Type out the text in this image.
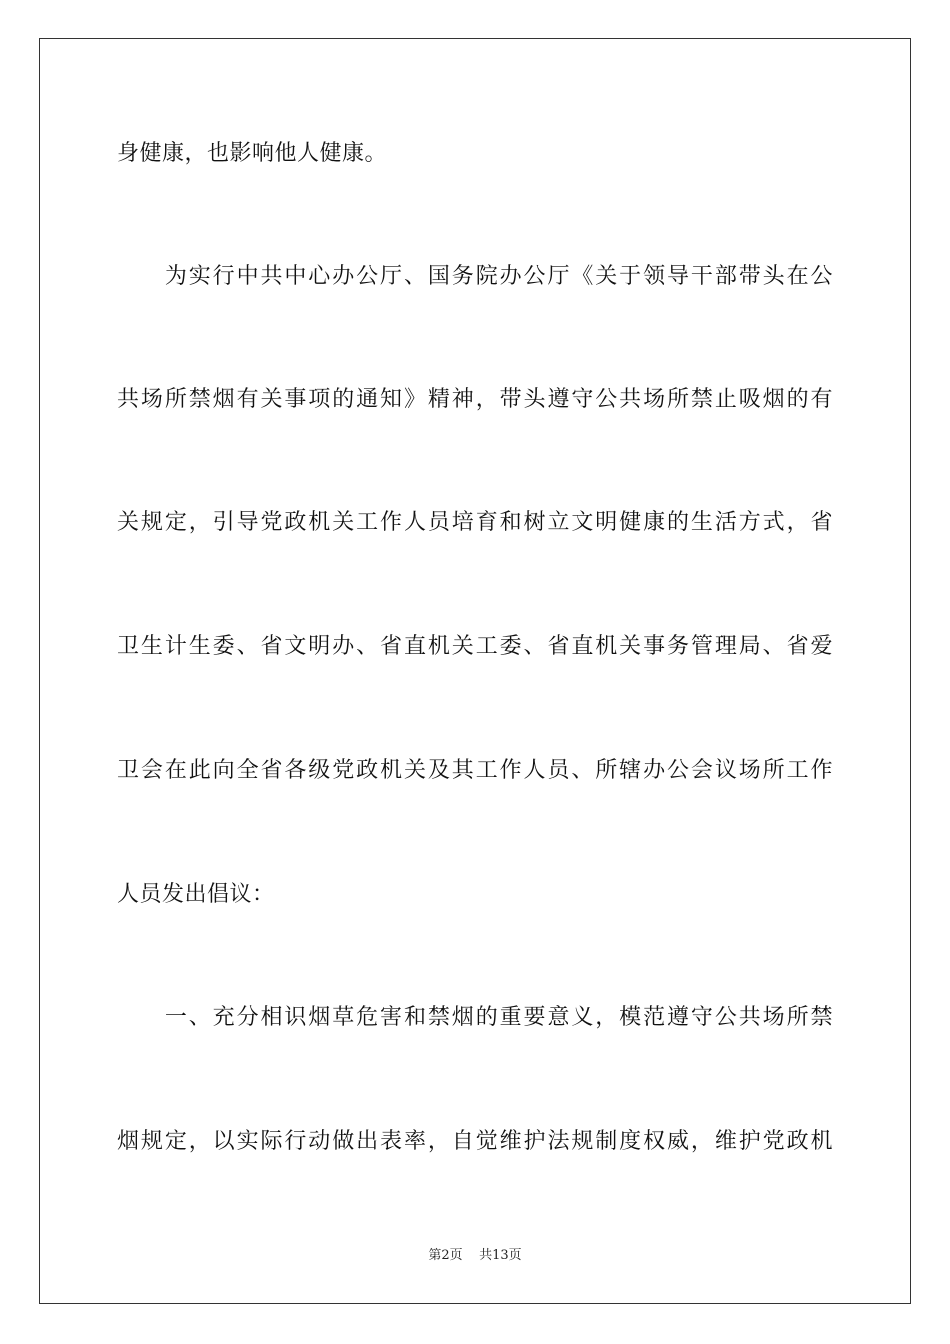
身健康，也影响他人健康。
　　为实行中共中心办公厅、国务院办公厅《关于领导干部带头在公
共场所禁烟有关事项的通知》精神，带头遵守公共场所禁止吸烟的有
关规定，引导党政机关工作人员培育和树立文明健康的生活方式，省
卫生计生委、省文明办、省直机关工委、省直机关事务管理局、省爱
卫会在此向全省各级党政机关及其工作人员、所辖办公会议场所工作
人员发出倡议：
　　一、充分相识烟草危害和禁烟的重要意义，模范遵守公共场所禁
烟规定，以实际行动做出表率，自觉维护法规制度权威，维护党政机
第2页 共13页
